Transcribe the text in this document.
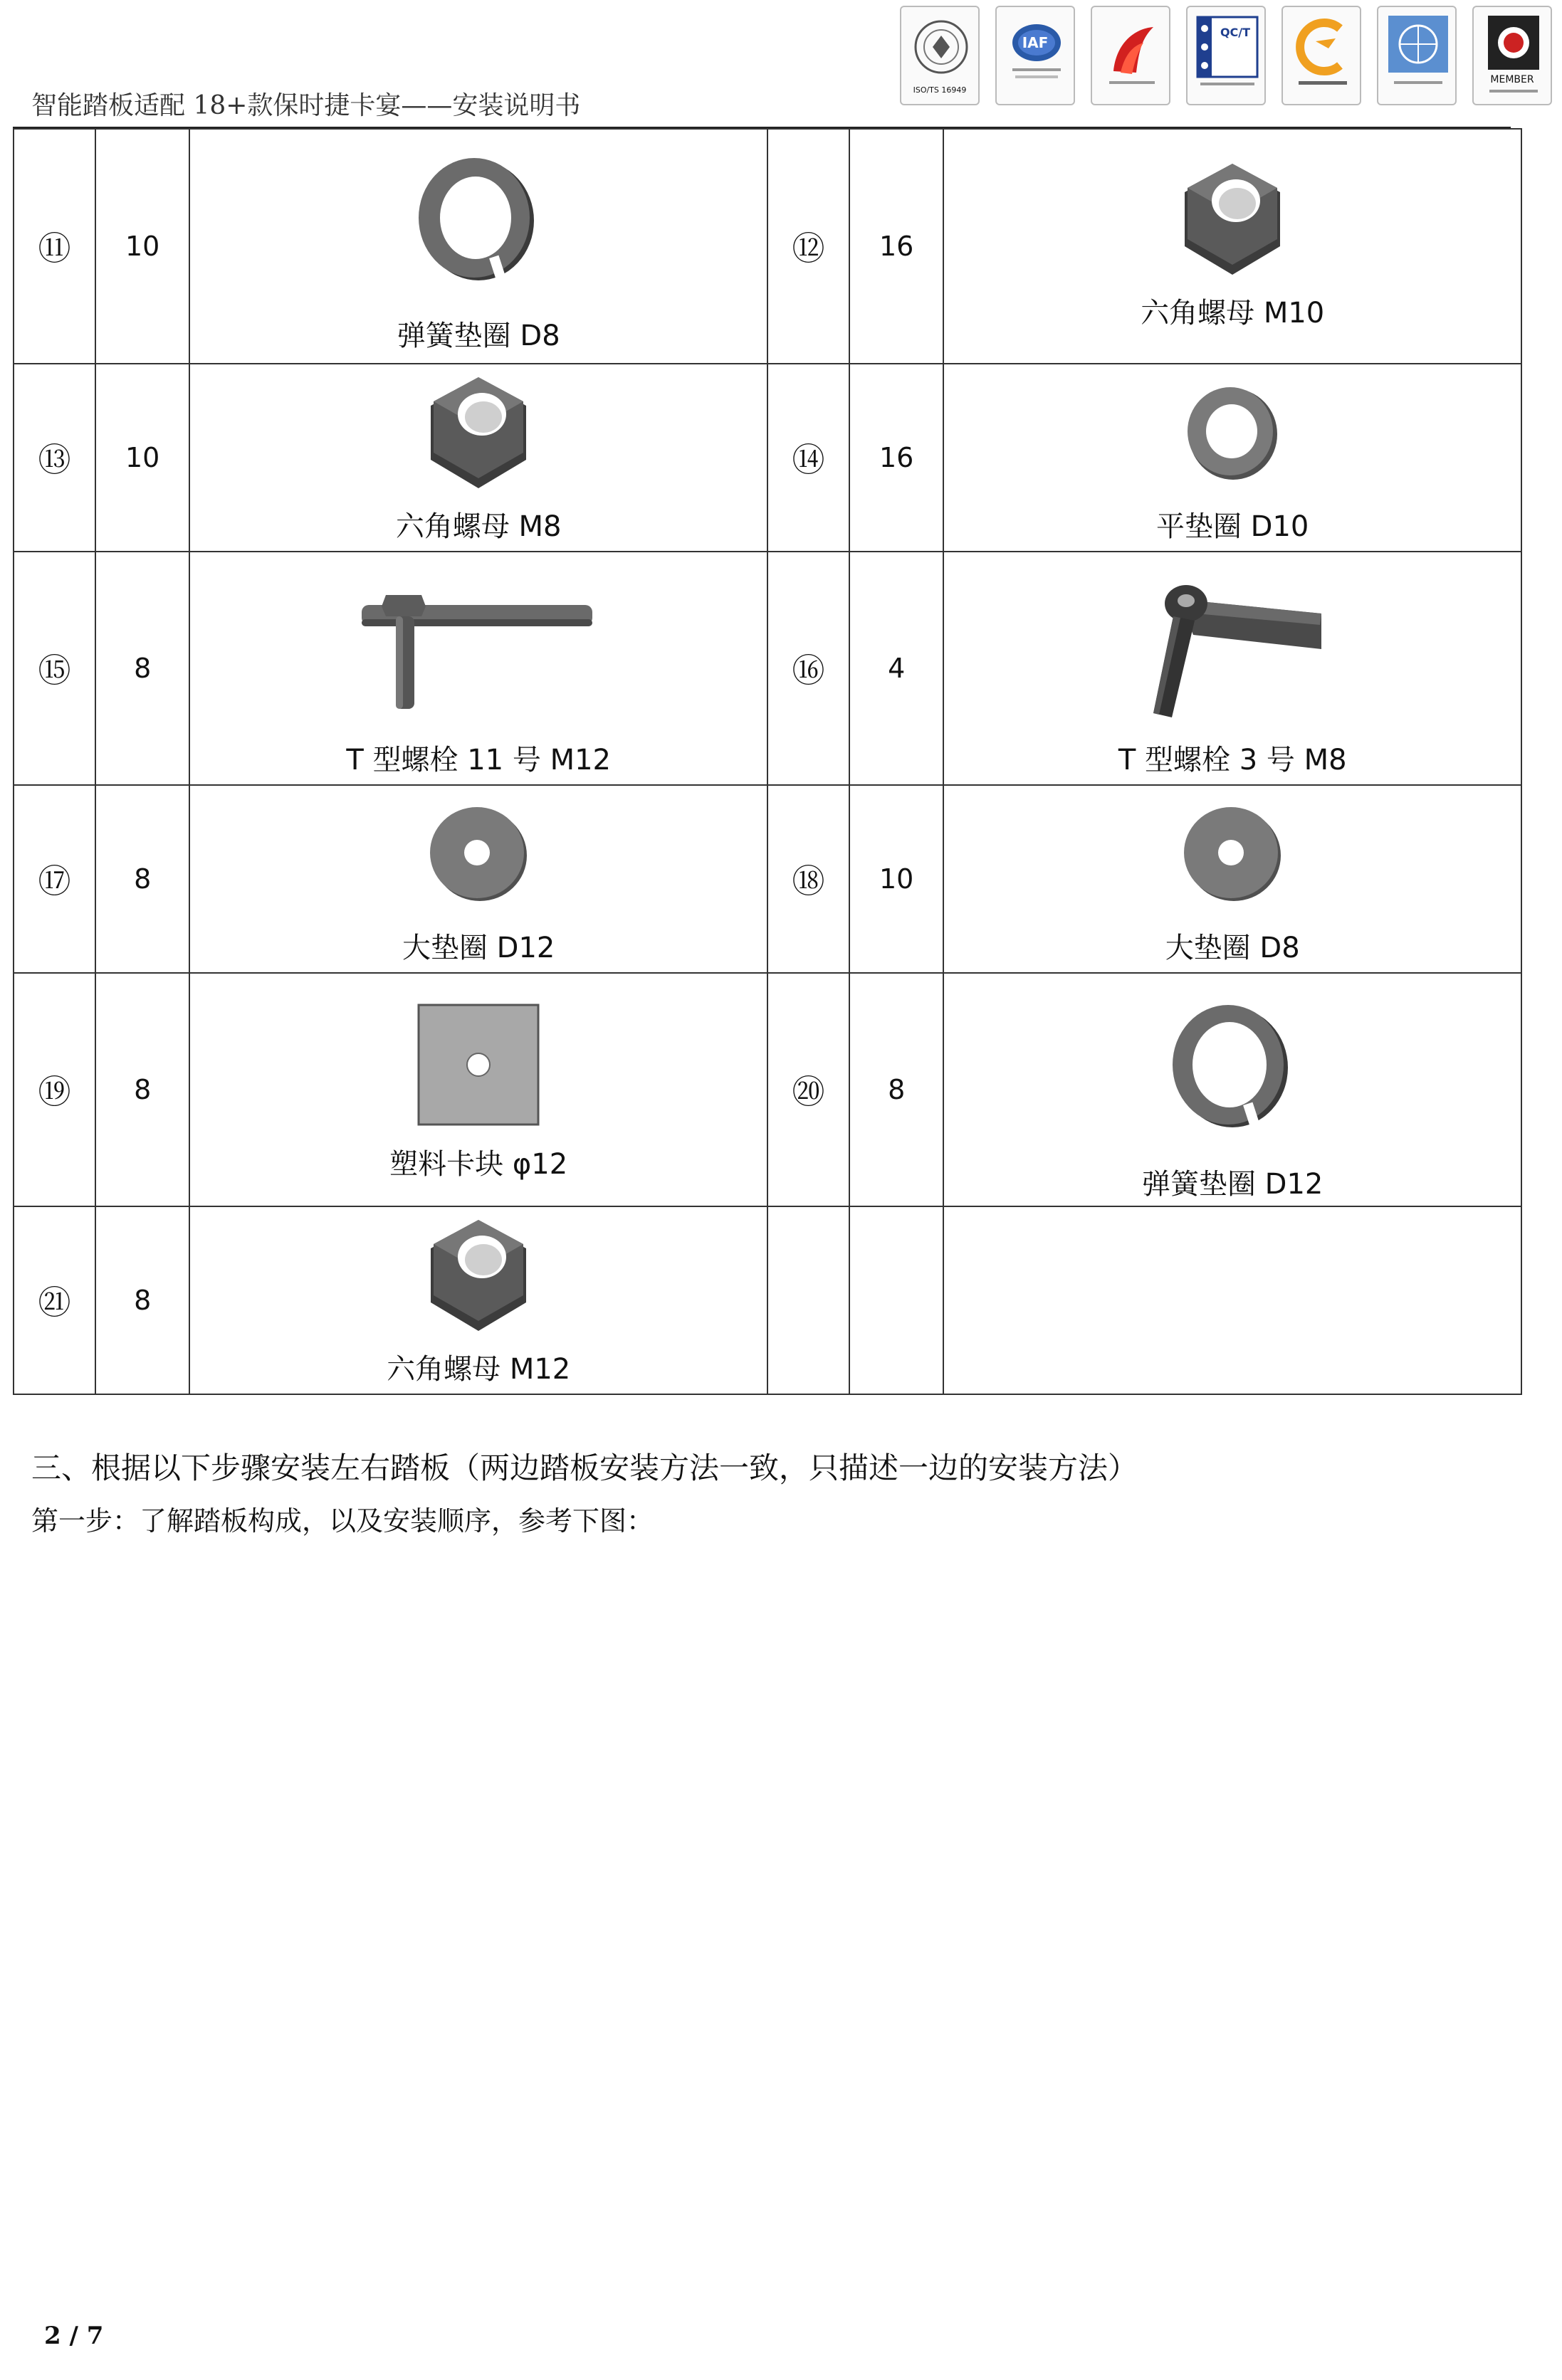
ISO/TS 16949
IAF
QC/T
MEMBER
智能踏板适配 18+款保时捷卡宴——安装说明书
⑪	10	弹簧垫圈 D8	⑫	16	六角螺母 M10

⑬	10	六角螺母 M8	⑭	16	平垫圈 D10

⑮	8	T 型螺栓 11 号 M12	⑯	4	T 型螺栓 3 号 M8

⑰	8	大垫圈 D12	⑱	10	大垫圈 D8

⑲	8	塑料卡块 φ12	⑳	8	弹簧垫圈 D12

㉑	8	六角螺母 M12			

三、根据以下步骤安装左右踏板（两边踏板安装方法一致，只描述一边的安装方法）
第一步：了解踏板构成，以及安装顺序，参考下图：
2 / 7
